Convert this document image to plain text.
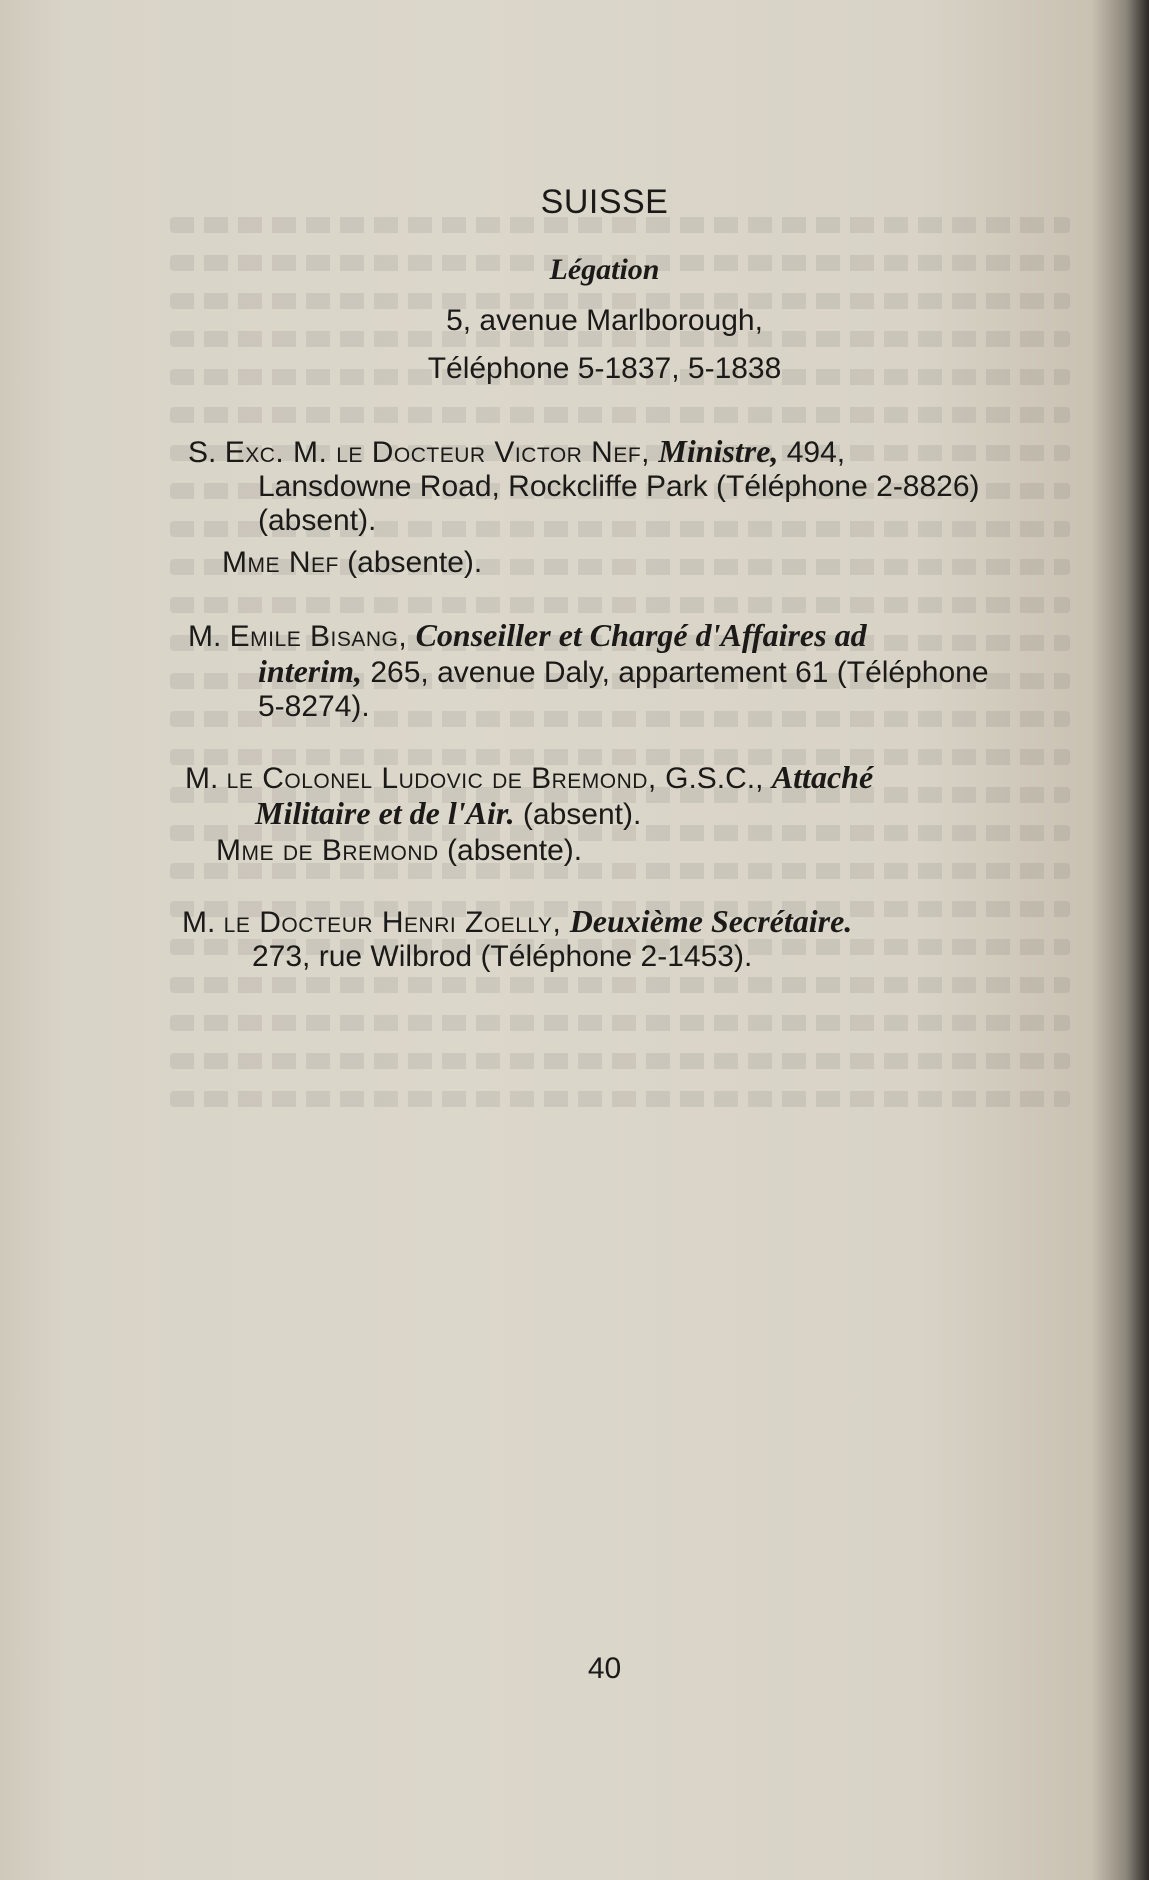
SUISSE
Légation
5, avenue Marlborough,
Téléphone 5-1837, 5-1838
S. Exc. M. le Docteur Victor Nef, Ministre, 494,
Lansdowne Road, Rockcliffe Park (Téléphone 2-8826)
(absent).
Mme Nef (absente).
M. Emile Bisang, Conseiller et Chargé d'Affaires ad
interim, 265, avenue Daly, appartement 61 (Téléphone
5-8274).
M. le Colonel Ludovic de Bremond, G.S.C., Attaché
Militaire et de l'Air. (absent).
Mme de Bremond (absente).
M. le Docteur Henri Zoelly, Deuxième Secrétaire.
273, rue Wilbrod (Téléphone 2-1453).
40
